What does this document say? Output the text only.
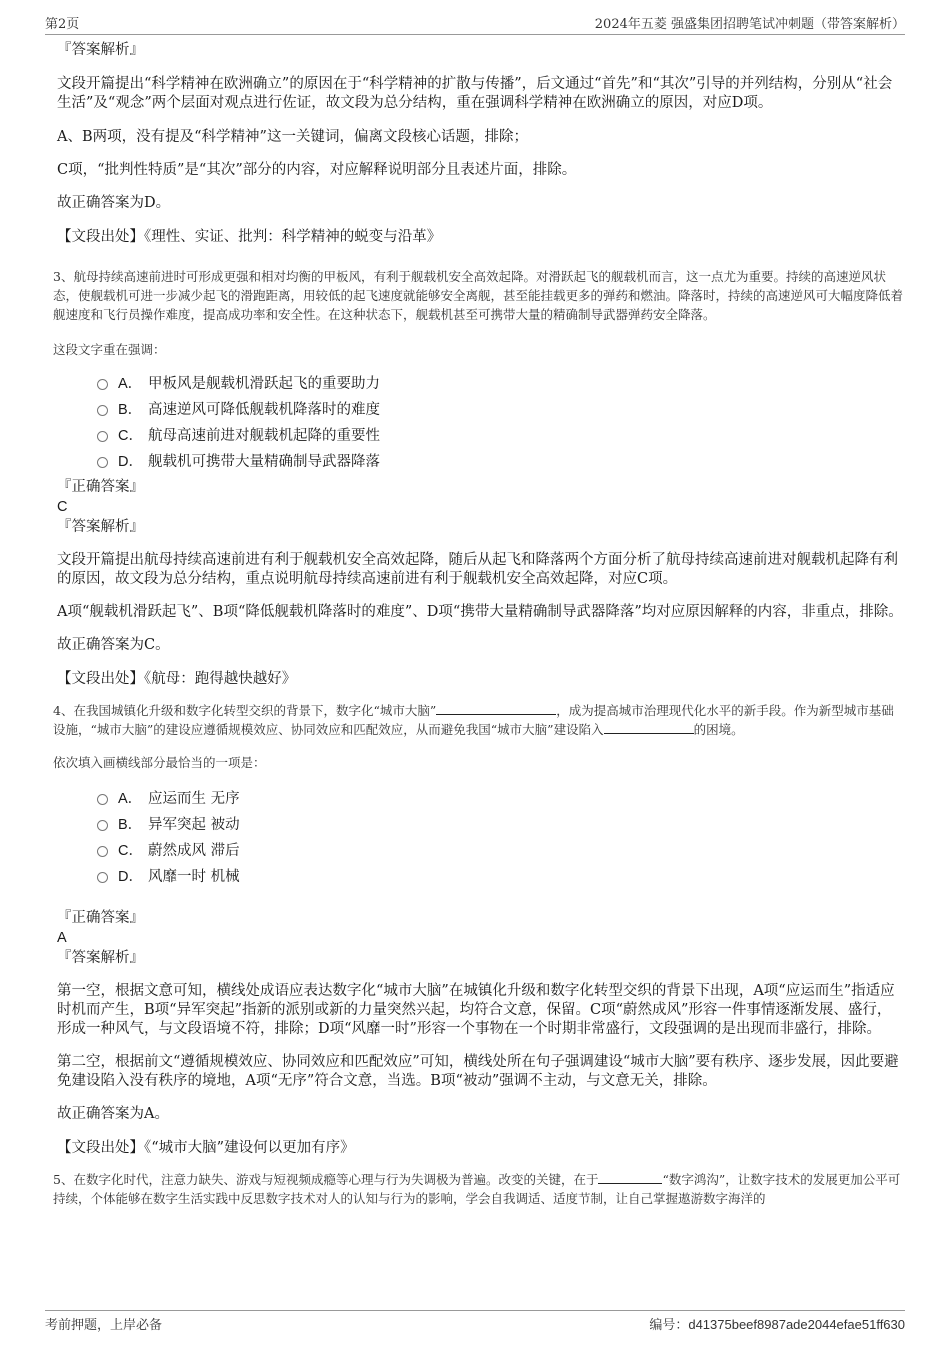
第2页	2024年五菱 强盛集团招聘笔试冲刺题（带答案解析）
『答案解析』
文段开篇提出“科学精神在欧洲确立”的原因在于“科学精神的扩散与传播”，后文通过“首先”和“其次”引导的并列结构，分别从“社会生活”及“观念”两个层面对观点进行佐证，故文段为总分结构，重在强调科学精神在欧洲确立的原因，对应D项。
A、B两项，没有提及“科学精神”这一关键词，偏离文段核心话题，排除；
C项，“批判性特质”是“其次”部分的内容，对应解释说明部分且表述片面，排除。
故正确答案为D。
【文段出处】《理性、实证、批判：科学精神的蜕变与沿革》
3、航母持续高速前进时可形成更强和相对均衡的甲板风，有利于舰载机安全高效起降。对滑跃起飞的舰载机而言，这一点尤为重要。持续的高速逆风状态，使舰载机可进一步减少起飞的滑跑距离，用较低的起飞速度就能够安全离舰，甚至能挂载更多的弹药和燃油。降落时，持续的高速逆风可大幅度降低着舰速度和飞行员操作难度，提高成功率和安全性。在这种状态下，舰载机甚至可携带大量的精确制导武器弹药安全降落。
这段文字重在强调：
A． 甲板风是舰载机滑跃起飞的重要助力
B． 高速逆风可降低舰载机降落时的难度
C． 航母高速前进对舰载机起降的重要性
D． 舰载机可携带大量精确制导武器降落
『正确答案』
C
『答案解析』
文段开篇提出航母持续高速前进有利于舰载机安全高效起降，随后从起飞和降落两个方面分析了航母持续高速前进对舰载机起降有利的原因，故文段为总分结构，重点说明航母持续高速前进有利于舰载机安全高效起降，对应C项。
A项“舰载机滑跃起飞”、B项“降低舰载机降落时的难度”、D项“携带大量精确制导武器降落”均对应原因解释的内容，非重点，排除。
故正确答案为C。
【文段出处】《航母：跑得越快越好》
4、在我国城镇化升级和数字化转型交织的背景下，数字化“城市大脑”	，成为提高城市治理现代化水平的新手段。作为新型城市基础设施，“城市大脑”的建设应遵循规模效应、协同效应和匹配效应，从而避免我国“城市大脑”建设陷入	的困境。
依次填入画横线部分最恰当的一项是：
A． 应运而生 无序
B． 异军突起 被动
C． 蔚然成风 滞后
D． 风靡一时 机械
『正确答案』
A
『答案解析』
第一空，根据文意可知，横线处成语应表达数字化“城市大脑”在城镇化升级和数字化转型交织的背景下出现，A项“应运而生”指适应时机而产生，B项“异军突起”指新的派别或新的力量突然兴起，均符合文意，保留。C项“蔚然成风”形容一件事情逐渐发展、盛行，形成一种风气，与文段语境不符，排除；D项“风靡一时”形容一个事物在一个时期非常盛行，文段强调的是出现而非盛行，排除。
第二空，根据前文“遵循规模效应、协同效应和匹配效应”可知，横线处所在句子强调建设“城市大脑”要有秩序、逐步发展，因此要避免建设陷入没有秩序的境地，A项“无序”符合文意，当选。B项“被动”强调不主动，与文意无关，排除。
故正确答案为A。
【文段出处】《“城市大脑”建设何以更加有序》
5、在数字化时代，注意力缺失、游戏与短视频成瘾等心理与行为失调极为普遍。改变的关键，在于	“数字鸿沟”，让数字技术的发展更加公平可持续，个体能够在数字生活实践中反思数字技术对人的认知与行为的影响，学会自我调适、适度节制，让自己掌握遨游数字海洋的
考前押题，上岸必备	编号：d41375beef8987ade2044efae51ff630
